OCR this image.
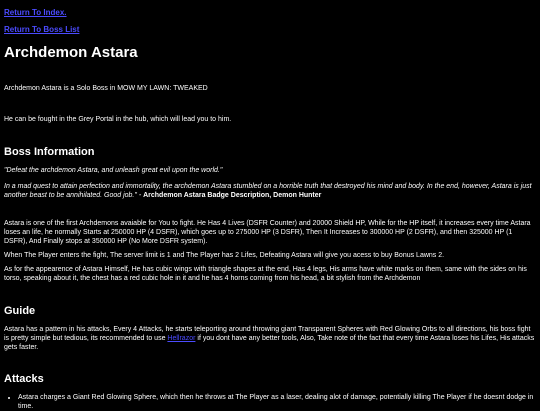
Return To Index.
Return To Boss List
Archdemon Astara

Archdemon Astara is a Solo Boss in MOW MY LAWN: TWEAKED

He can be fought in the Grey Portal in the hub, which will lead you to him.

Boss Information

"Defeat the archdemon Astara, and unleash great evil upon the world."

In a mad quest to attain perfection and immortality, the archdemon Astara stumbled on a horrible truth that destroyed his mind and body. In the end, however, Astara is just another beast to be annihilated. Good job." - Archdemon Astara Badge Description, Demon Hunter

Astara is one of the first Archdemons avaiable for You to fight. He Has 4 Lives (DSFR Counter) and 20000 Shield HP, While for the HP itself, it increases every time Astara loses an life, he normally Starts at 250000 HP (4 DSFR), which goes up to 275000 HP (3 DSFR), Then It Increases to 300000 HP (2 DSFR), and then 325000 HP (1 DSFR), And Finally stops at 350000 HP (No More DSFR system).

When The Player enters the fight, The server limit is 1 and The Player has 2 Lifes, Defeating Astara will give you acess to buy Bonus Lawns 2.

As for the appearence of Astara Himself, He has cubic wings with triangle shapes at the end, Has 4 legs, His arms have white marks on them, same with the sides on his torso, speaking about it, the chest has a red cubic hole in it and he has 4 horns coming from his head, a bit stylish from the Archdemon

Guide

Astara has a pattern in his attacks, Every 4 Attacks, he starts teleporting around throwing giant Transparent Spheres with Red Glowing Orbs to all directions, his boss fight is pretty simple but tedious, its recommended to use Hellrazor if you dont have any better tools, Also, Take note of the fact that every time Astara loses his Lifes, His attacks gets faster.

Attacks
• Astara charges a Giant Red Glowing Sphere, which then he throws at The Player as a laser, dealing alot of damage, potentially killing The Player if he doesnt dodge in time.
